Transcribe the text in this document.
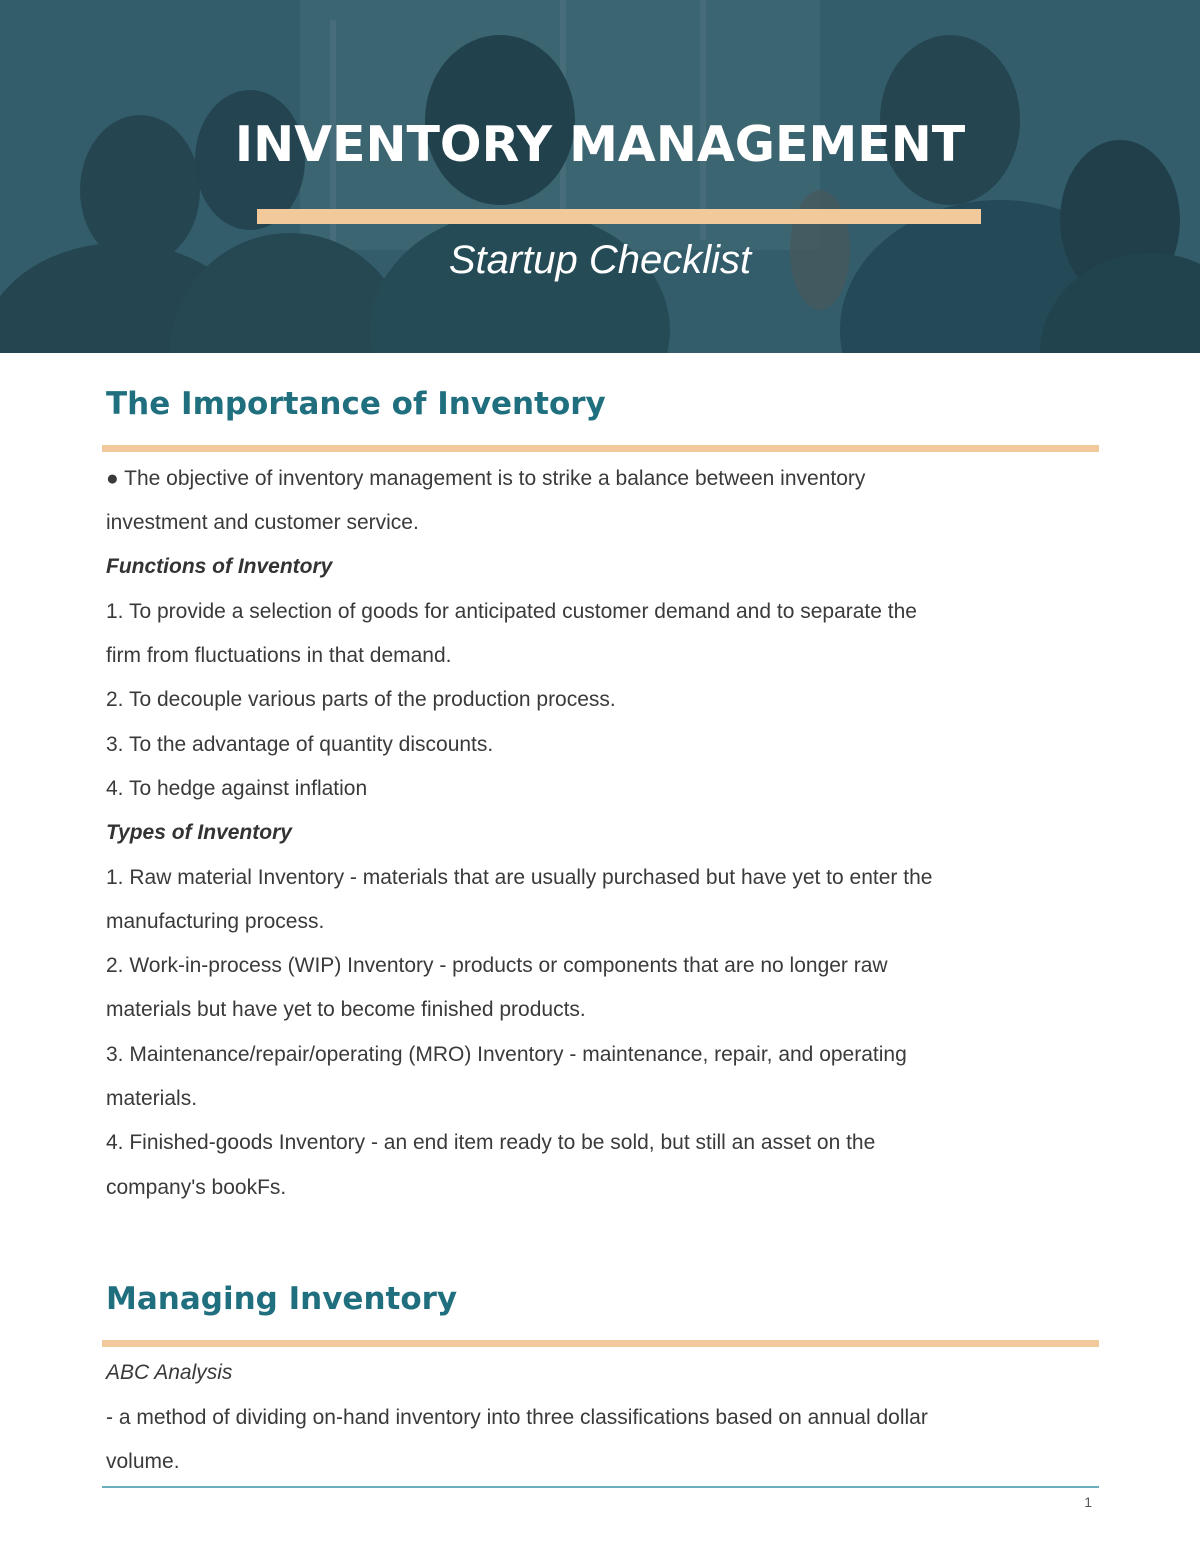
INVENTORY MANAGEMENT
Startup Checklist
The Importance of Inventory
● The objective of inventory management is to strike a balance between inventory
investment and customer service.
Functions of Inventory
1. To provide a selection of goods for anticipated customer demand and to separate the
firm from fluctuations in that demand.
2. To decouple various parts of the production process.
3. To the advantage of quantity discounts.
4. To hedge against inflation
Types of Inventory
1. Raw material Inventory - materials that are usually purchased but have yet to enter the
manufacturing process.
2. Work-in-process (WIP) Inventory - products or components that are no longer raw
materials but have yet to become finished products.
3. Maintenance/repair/operating (MRO) Inventory - maintenance, repair, and operating
materials.
4. Finished-goods Inventory - an end item ready to be sold, but still an asset on the
company's bookFs.
Managing Inventory
ABC Analysis
- a method of dividing on-hand inventory into three classifications based on annual dollar
volume.
1
